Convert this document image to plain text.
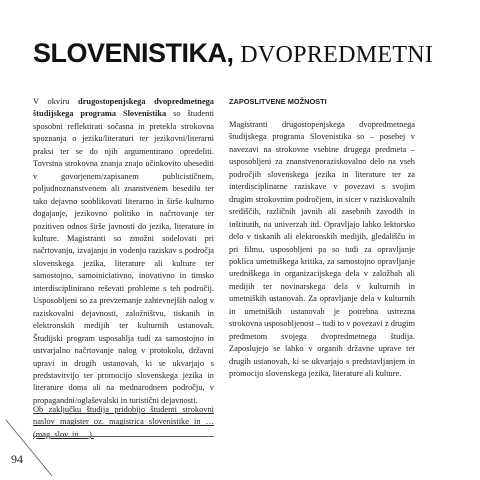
SLOVENISTIKA, DVOPREDMETNI

V okviru drugostopenjskega dvopredmetnega študijskega programa Slovenistika so študenti sposobni reflektirati sočasna in pretekla strokovna spoznanja o jeziku/literaturi ter jezikovni/literarni praksi ter se do njih argumentirano opredeliti. Tovrstna strokovna znanja znajo učinkovito ubesediti v govorjenem/zapisanem publicističnem, poljudnoznanstvenem ali znanstvenem besedilu ter tako dejavno sooblikovati literarno in širše kulturno dogajanje, jezikovno politiko in načrtovanje ter pozitiven odnos širše javnosti do jezika, literature in kulture. Magistranti so zmožni sodelovati pri načrtovanju, izvajanju in vodenju raziskav s področja slovenskega jezika, literature ali kulture ter samostojno, samoiniciativno, inovativno in timsko interdisciplinirano reševati probleme s teh področij. Usposobljeni so za prevzemanje zahtevnejših nalog v raziskovalni dejavnosti, založništvu, tiskanih in elektronskih medijih ter kulturnih ustanovah. Študijski program usposablja tudi za samostojno in ustvarjalno načrtovanje nalog v protokolu, državni upravi in drugih ustanovah, ki se ukvarjajo s predstavitvijo ter promocijo slovenskega jezika in literature doma ali na mednarodnem področju, v propagandni/oglaševalski in turistični dejavnosti.

ZAPOSLITVENE MOŽNOSTI

Magistranti drugostopenjskega dvopredmetnega študijskega programa Slovenistika so – posebej v navezavi na strokovne vsebine drugega predmeta – usposobljeni za znanstvenoraziskovalno delo na vseh področjih slovenskega jezika in literature ter za interdisciplinarne raziskave v povezavi s svojim drugim strokovnim področjem, in sicer v raziskovalnih središčih, različnih javnih ali zasebnih zavodih in inštitutih, na univerzah itd. Opravljajo lahko lektorsko delo v tiskanih ali elektronskih medijih, gledališču in pri filmu, usposobljeni pa so tudi za opravljanje poklica umetniškega kritika, za samostojno opravljanje uredniškega in organizacijskega dela v založbah ali medijih ter novinarskega dela v kulturnih in umetniških ustanovah. Za opravljanje dela v kulturnih in umetniških ustanovah je potrebna ustrezna strokovna usposobljenost – tudi to v povezavi z drugim predmetom svojega dvopredmetnega študija. Zaposlujejo se lahko v organih državne uprave ter drugih ustanovah, ki se ukvarjajo s predstavljanjem in promocijo slovenskega jezika, literature ali kulture.

Ob zaključku študija pridobijo študenti strokovni naslov magister oz. magistrica slovenistike in … (mag. slov. in …).
94
